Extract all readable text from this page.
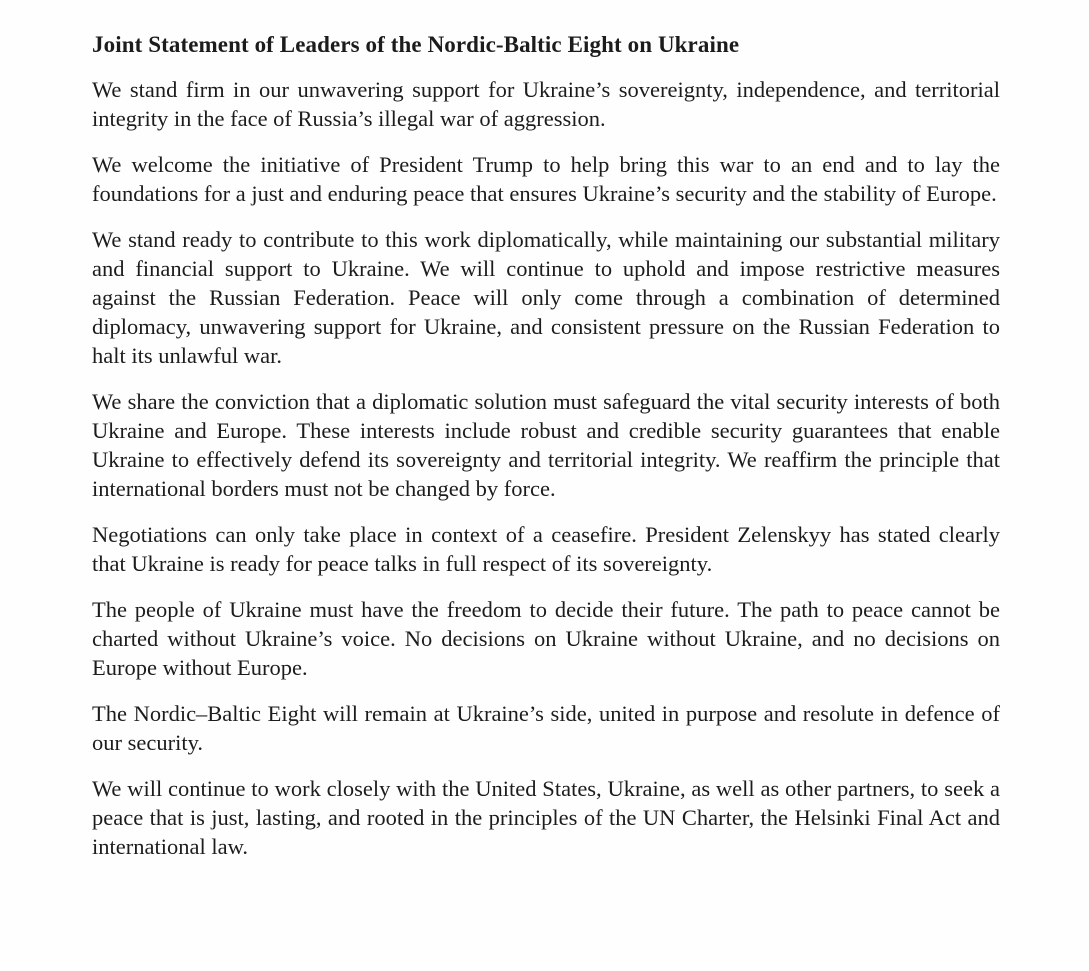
Joint Statement of Leaders of the Nordic-Baltic Eight on Ukraine

We stand firm in our unwavering support for Ukraine’s sovereignty, independence, and territorial integrity in the face of Russia’s illegal war of aggression.

We welcome the initiative of President Trump to help bring this war to an end and to lay the foundations for a just and enduring peace that ensures Ukraine’s security and the stability of Europe.

We stand ready to contribute to this work diplomatically, while maintaining our substantial military and financial support to Ukraine. We will continue to uphold and impose restrictive measures against the Russian Federation. Peace will only come through a combination of determined diplomacy, unwavering support for Ukraine, and consistent pressure on the Russian Federation to halt its unlawful war.

We share the conviction that a diplomatic solution must safeguard the vital security interests of both Ukraine and Europe. These interests include robust and credible security guarantees that enable Ukraine to effectively defend its sovereignty and territorial integrity. We reaffirm the principle that international borders must not be changed by force.

Negotiations can only take place in context of a ceasefire. President Zelenskyy has stated clearly that Ukraine is ready for peace talks in full respect of its sovereignty.

The people of Ukraine must have the freedom to decide their future. The path to peace cannot be charted without Ukraine’s voice. No decisions on Ukraine without Ukraine, and no decisions on Europe without Europe.

The Nordic–Baltic Eight will remain at Ukraine’s side, united in purpose and resolute in defence of our security.

We will continue to work closely with the United States, Ukraine, as well as other partners, to seek a peace that is just, lasting, and rooted in the principles of the UN Charter, the Helsinki Final Act and international law.
